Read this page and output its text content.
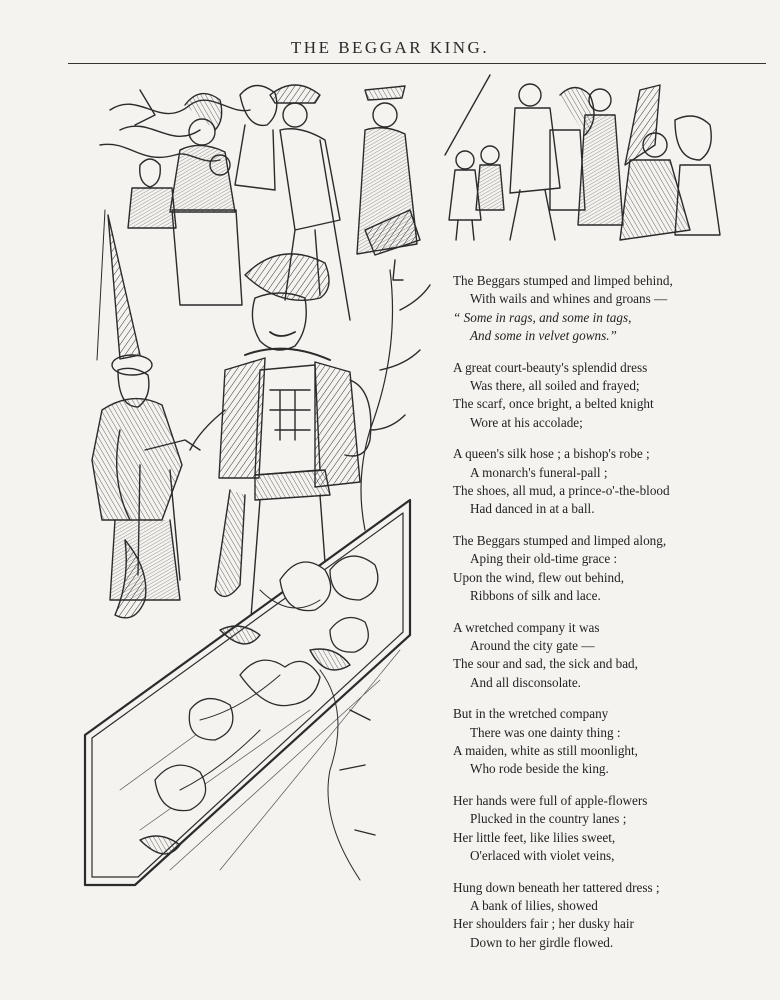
THE BEGGAR KING.
The Beggars stumped and limped behind,
With wails and whines and groans —
“ Some in rags, and some in tags,
And some in velvet gowns.”
A great court-beauty's splendid dress
Was there, all soiled and frayed;
The scarf, once bright, a belted knight
Wore at his accolade;
A queen's silk hose ; a bishop's robe ;
A monarch's funeral-pall ;
The shoes, all mud, a prince-o'-the-blood
Had danced in at a ball.
The Beggars stumped and limped along,
Aping their old-time grace :
Upon the wind, flew out behind,
Ribbons of silk and lace.
A wretched company it was
Around the city gate —
The sour and sad, the sick and bad,
And all disconsolate.
But in the wretched company
There was one dainty thing :
A maiden, white as still moonlight,
Who rode beside the king.
Her hands were full of apple-flowers
Plucked in the country lanes ;
Her little feet, like lilies sweet,
O'erlaced with violet veins,
Hung down beneath her tattered dress ;
A bank of lilies, showed
Her shoulders fair ; her dusky hair
Down to her girdle flowed.
